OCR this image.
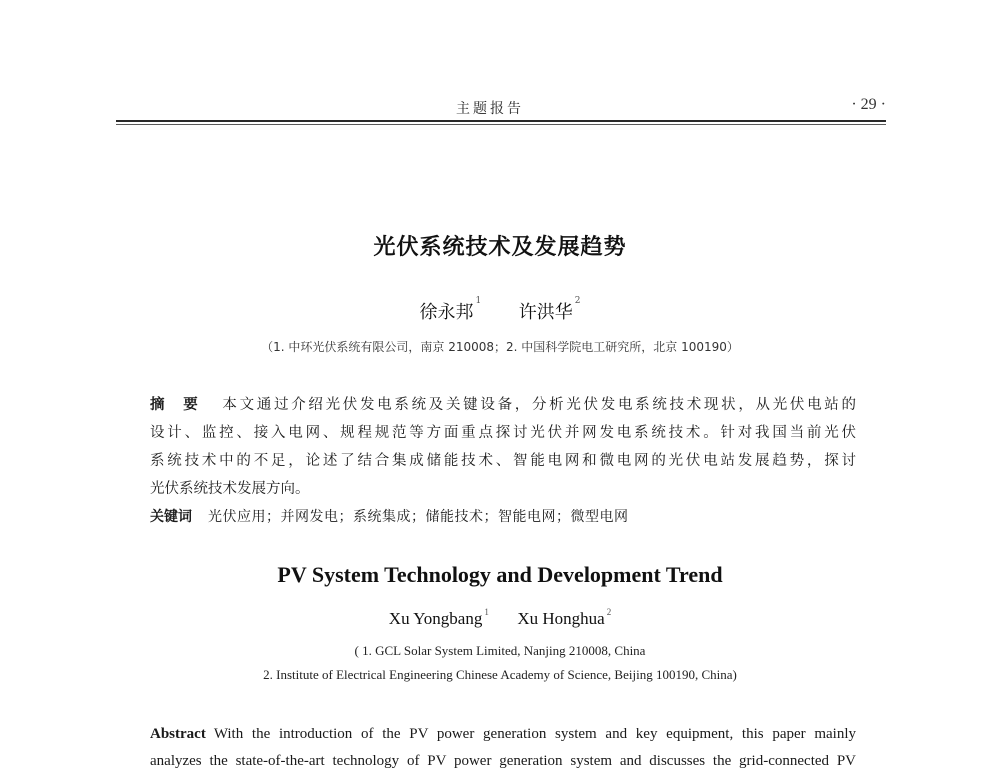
主题报告	· 29 ·
光伏系统技术及发展趋势
徐永邦$^1$  许洪华$^2$
（1. 中环光伏系统有限公司，南京 210008；2. 中国科学院电工研究所，北京 100190）
摘要 本文通过介绍光伏发电系统及关键设备，分析光伏发电系统技术现状，从光伏电站的
设计、监控、接入电网、规程规范等方面重点探讨光伏并网发电系统技术。针对我国当前光伏
系统技术中的不足，论述了结合集成储能技术、智能电网和微电网的光伏电站发展趋势，探讨
光伏系统技术发展方向。
关键词 光伏应用；并网发电；系统集成；储能技术；智能电网；微型电网
PV System Technology and Development Trend
Xu Yongbang $^1$ Xu Honghua $^2$
( 1. GCL Solar System Limited, Nanjing 210008, China
2. Institute of Electrical Engineering Chinese Academy of Science, Beijing 100190, China)
Abstract With the introduction of the PV power generation system and key equipment, this paper mainly
analyzes the state-of-the-art technology of PV power generation system and discusses the grid-connected PV
